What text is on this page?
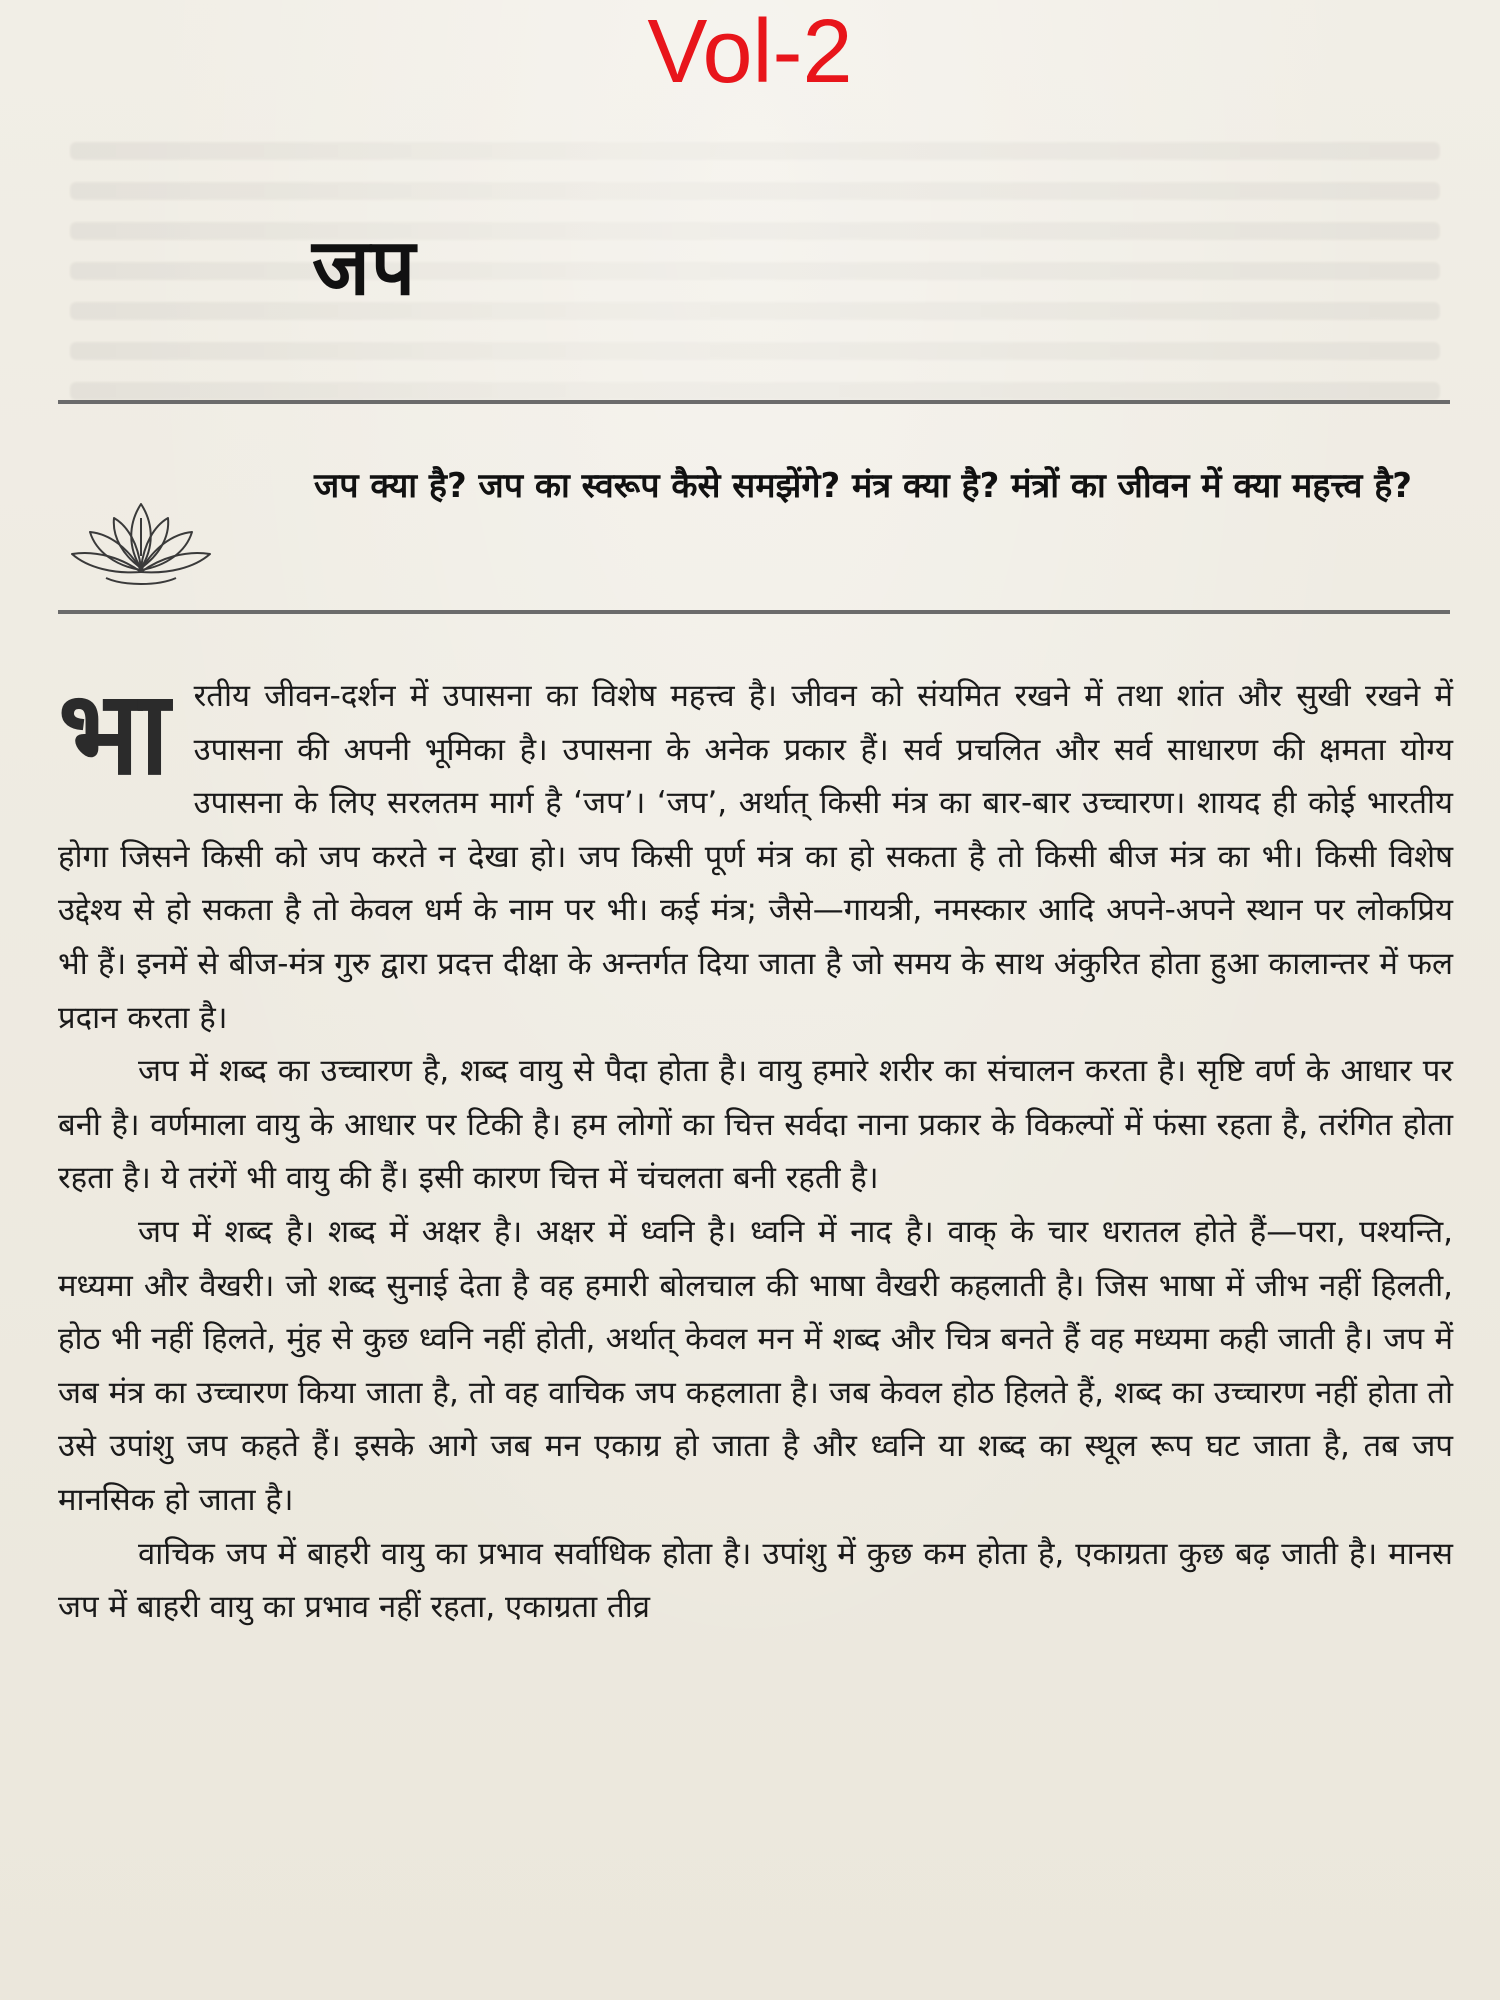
Vol-2
जप
जप क्या है? जप का स्वरूप कैसे समझेंगे? मंत्र क्या है? मंत्रों का जीवन में क्या महत्त्व है?

भारतीय जीवन-दर्शन में उपासना का विशेष महत्त्व है। जीवन को संयमित रखने में तथा शांत और सुखी रखने में उपासना की अपनी भूमिका है। उपासना के अनेक प्रकार हैं। सर्व प्रचलित और सर्व साधारण की क्षमता योग्य उपासना के लिए सरलतम मार्ग है ‘जप’। ‘जप’, अर्थात् किसी मंत्र का बार-बार उच्चारण। शायद ही कोई भारतीय होगा जिसने किसी को जप करते न देखा हो। जप किसी पूर्ण मंत्र का हो सकता है तो किसी बीज मंत्र का भी। किसी विशेष उद्देश्य से हो सकता है तो केवल धर्म के नाम पर भी। कई मंत्र; जैसे—गायत्री, नमस्कार आदि अपने-अपने स्थान पर लोकप्रिय भी हैं। इनमें से बीज-मंत्र गुरु द्वारा प्रदत्त दीक्षा के अन्तर्गत दिया जाता है जो समय के साथ अंकुरित होता हुआ कालान्तर में फल प्रदान करता है।

जप में शब्द का उच्चारण है, शब्द वायु से पैदा होता है। वायु हमारे शरीर का संचालन करता है। सृष्टि वर्ण के आधार पर बनी है। वर्णमाला वायु के आधार पर टिकी है। हम लोगों का चित्त सर्वदा नाना प्रकार के विकल्पों में फंसा रहता है, तरंगित होता रहता है। ये तरंगें भी वायु की हैं। इसी कारण चित्त में चंचलता बनी रहती है।

जप में शब्द है। शब्द में अक्षर है। अक्षर में ध्वनि है। ध्वनि में नाद है। वाक् के चार धरातल होते हैं—परा, पश्यन्ति, मध्यमा और वैखरी। जो शब्द सुनाई देता है वह हमारी बोलचाल की भाषा वैखरी कहलाती है। जिस भाषा में जीभ नहीं हिलती, होठ भी नहीं हिलते, मुंह से कुछ ध्वनि नहीं होती, अर्थात् केवल मन में शब्द और चित्र बनते हैं वह मध्यमा कही जाती है। जप में जब मंत्र का उच्चारण किया जाता है, तो वह वाचिक जप कहलाता है। जब केवल होठ हिलते हैं, शब्द का उच्चारण नहीं होता तो उसे उपांशु जप कहते हैं। इसके आगे जब मन एकाग्र हो जाता है और ध्वनि या शब्द का स्थूल रूप घट जाता है, तब जप मानसिक हो जाता है।

वाचिक जप में बाहरी वायु का प्रभाव सर्वाधिक होता है। उपांशु में कुछ कम होता है, एकाग्रता कुछ बढ़ जाती है। मानस जप में बाहरी वायु का प्रभाव नहीं रहता, एकाग्रता तीव्र
